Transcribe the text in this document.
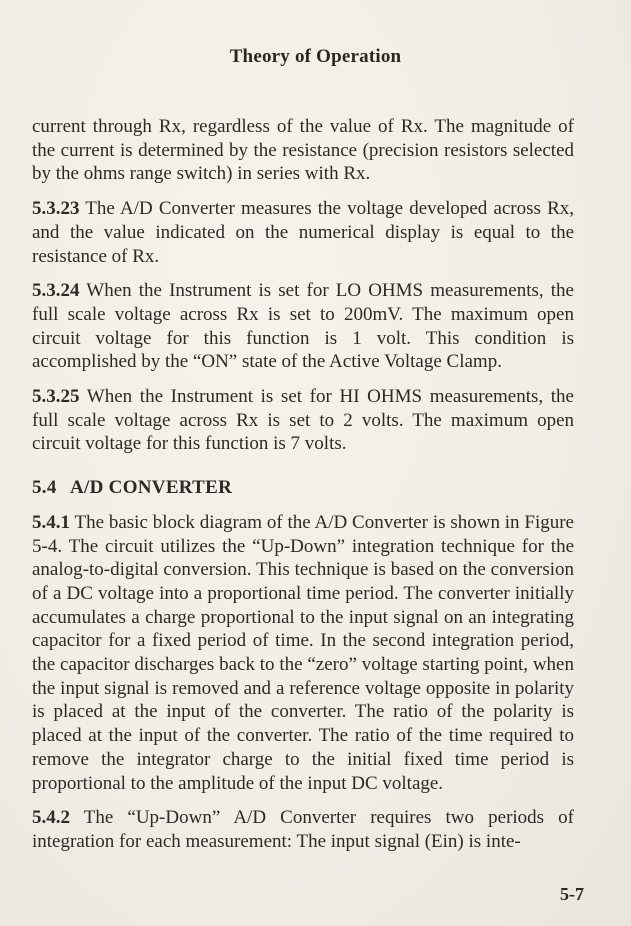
Theory of Operation

current through Rx, regardless of the value of Rx. The magnitude of the current is determined by the resistance (precision resistors selected by the ohms range switch) in series with Rx.

5.3.23 The A/D Converter measures the voltage developed across Rx, and the value indicated on the numerical display is equal to the resistance of Rx.

5.3.24 When the Instrument is set for LO OHMS measurements, the full scale voltage across Rx is set to 200mV. The maximum open circuit voltage for this function is 1 volt. This condition is accomplished by the “ON” state of the Active Voltage Clamp.

5.3.25 When the Instrument is set for HI OHMS measurements, the full scale voltage across Rx is set to 2 volts. The maximum open circuit voltage for this function is 7 volts.

5.4 A/D CONVERTER

5.4.1 The basic block diagram of the A/D Converter is shown in Figure 5-4. The circuit utilizes the “Up-Down” integration technique for the analog-to-digital conversion. This technique is based on the conversion of a DC voltage into a proportional time period. The converter initially accumulates a charge proportional to the input signal on an integrating capacitor for a fixed period of time. In the second integration period, the capacitor discharges back to the “zero” voltage starting point, when the input signal is removed and a reference voltage opposite in polarity is placed at the input of the converter. The ratio of the polarity is placed at the input of the converter. The ratio of the time required to remove the integrator charge to the initial fixed time period is proportional to the amplitude of the input DC voltage.

5.4.2 The “Up-Down” A/D Converter requires two periods of integration for each measurement: The input signal (Ein) is inte-

5-7
